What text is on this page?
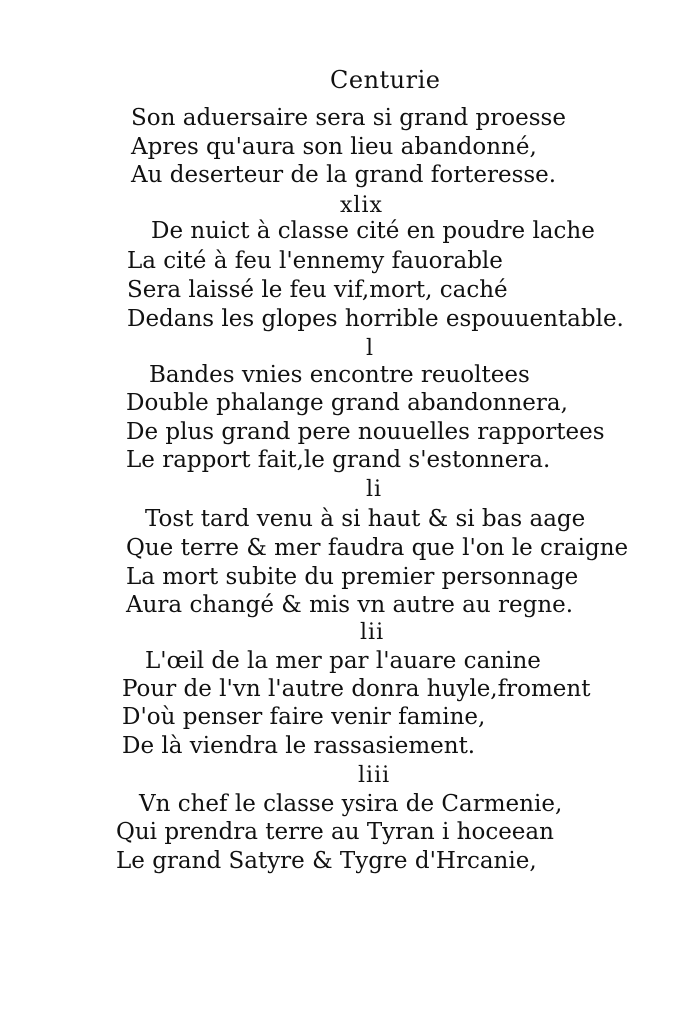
Centurie
Son aduersaire sera si grand proesse
Apres qu'aura son lieu abandonné,
Au deserteur de la grand forteresse.
xlix
De nuict à classe cité en poudre lache
La cité à feu l'ennemy fauorable
Sera laissé le feu vif,mort, caché
Dedans les glopes horrible espouuentable.
l
Bandes vnies encontre reuoltees
Double phalange grand abandonnera,
De plus grand pere nouuelles rapportees
Le rapport fait,le grand s'estonnera.
li
Tost tard venu à si haut & si bas aage
Que terre & mer faudra que l'on le craigne
La mort subite du premier personnage
Aura changé & mis vn autre au regne.
lii
L'œil de la mer par l'auare canine
Pour de l'vn l'autre donra huyle,froment
D'où penser faire venir famine,
De là viendra le rassasiement.
liii
Vn chef le classe ysira de Carmenie,
Qui prendra terre au Tyran i hoceean
Le grand Satyre & Tygre d'Hrcanie,
